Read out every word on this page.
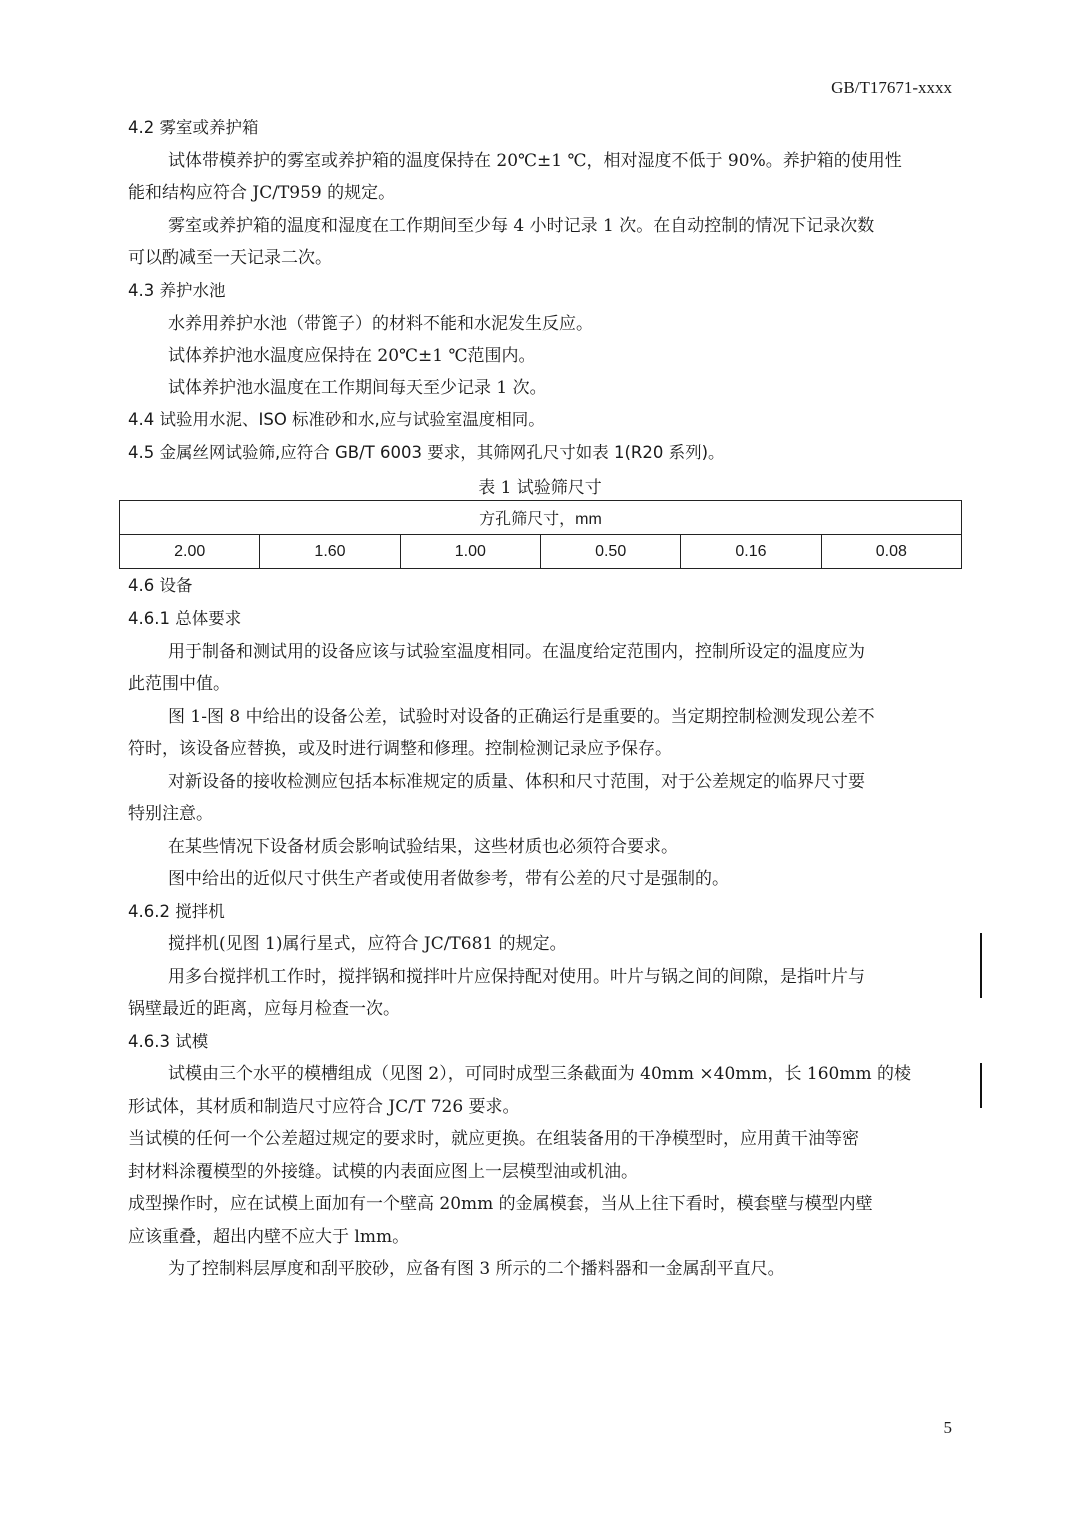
GB/T17671-xxxx
4.2 雾室或养护箱
试体带模养护的雾室或养护箱的温度保持在 20℃±1 ℃，相对湿度不低于 90%。养护箱的使用性
能和结构应符合 JC/T959 的规定。
雾室或养护箱的温度和湿度在工作期间至少每 4 小时记录 1 次。在自动控制的情况下记录次数
可以酌减至一天记录二次。
4.3 养护水池
水养用养护水池（带篦子）的材料不能和水泥发生反应。
试体养护池水温度应保持在 20℃±1 ℃范围内。
试体养护池水温度在工作期间每天至少记录 1 次。
4.4 试验用水泥、ISO 标准砂和水,应与试验室温度相同。
4.5 金属丝网试验筛,应符合 GB/T 6003 要求，其筛网孔尺寸如表 1(R20 系列)。
表 1 试验筛尺寸
方孔筛尺寸，mm
2.00	1.60	1.00	0.50	0.16	0.08
4.6 设备
4.6.1 总体要求
用于制备和测试用的设备应该与试验室温度相同。在温度给定范围内，控制所设定的温度应为
此范围中值。
图 1-图 8 中给出的设备公差，试验时对设备的正确运行是重要的。当定期控制检测发现公差不
符时，该设备应替换，或及时进行调整和修理。控制检测记录应予保存。
对新设备的接收检测应包括本标准规定的质量、体积和尺寸范围，对于公差规定的临界尺寸要
特别注意。
在某些情况下设备材质会影响试验结果，这些材质也必须符合要求。
图中给出的近似尺寸供生产者或使用者做参考，带有公差的尺寸是强制的。
4.6.2 搅拌机
搅拌机(见图 1)属行星式，应符合 JC/T681 的规定。
用多台搅拌机工作时，搅拌锅和搅拌叶片应保持配对使用。叶片与锅之间的间隙，是指叶片与
锅壁最近的距离，应每月检查一次。
4.6.3 试模
试模由三个水平的模槽组成（见图 2），可同时成型三条截面为 40mm ×40mm，长 160mm 的棱
形试体，其材质和制造尺寸应符合 JC/T 726 要求。
当试模的任何一个公差超过规定的要求时，就应更换。在组装备用的干净模型时，应用黄干油等密
封材料涂覆模型的外接缝。试模的内表面应图上一层模型油或机油。
成型操作时，应在试模上面加有一个壁高 20mm 的金属模套，当从上往下看时，模套壁与模型内壁
应该重叠，超出内壁不应大于 lmm。
为了控制料层厚度和刮平胶砂，应备有图 3 所示的二个播料器和一金属刮平直尺。
5
